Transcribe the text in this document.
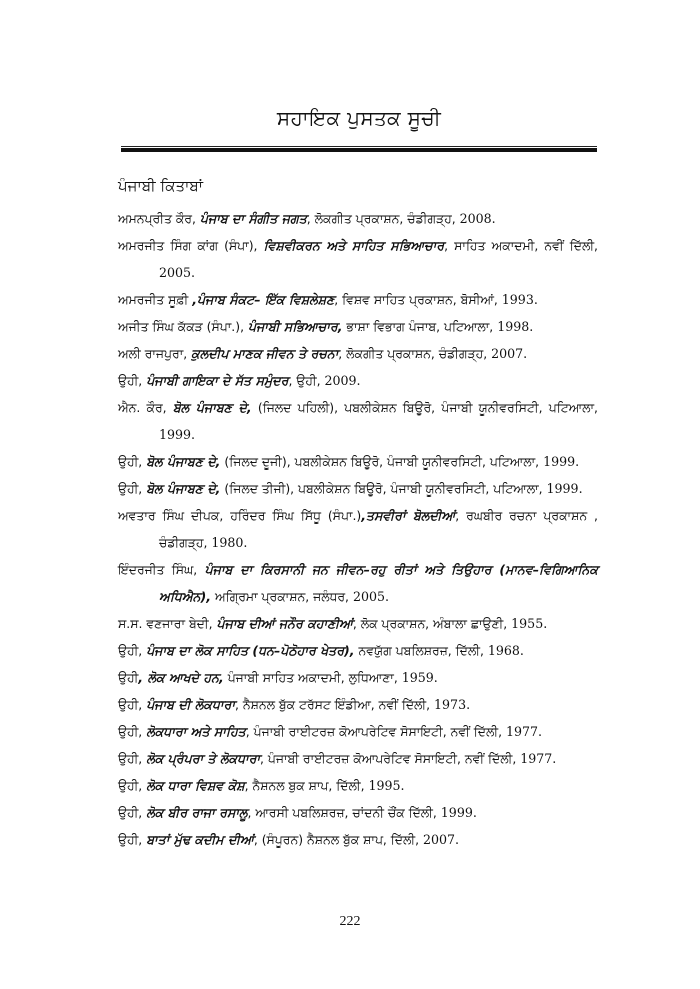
ਸਹਾਇਕ ਪੁਸਤਕ ਸੂਚੀ
ਪੰਜਾਬੀ ਕਿਤਾਬਾਂ

ਅਮਨਪ੍ਰੀਤ ਕੌਰ, ਪੰਜਾਬ ਦਾ ਸੰਗੀਤ ਜਗਤ, ਲੋਕਗੀਤ ਪ੍ਰਕਾਸ਼ਨ, ਚੰਡੀਗੜ੍ਹ, 2008.

ਅਮਰਜੀਤ ਸਿੰਗ ਕਾਂਗ (ਸੰਪਾ), ਵਿਸ਼ਵੀਕਰਨ ਅਤੇ ਸਾਹਿਤ ਸਭਿਆਚਾਰ, ਸਾਹਿਤ ਅਕਾਦਮੀ, ਨਵੀਂ ਦਿੱਲੀ, 2005.

ਅਮਰਜੀਤ ਸੂਫ਼ੀ ,ਪੰਜਾਬ ਸੰਕਟ– ਇੱਕ ਵਿਸ਼ਲੇਸ਼ਣ, ਵਿਸ਼ਵ ਸਾਹਿਤ ਪ੍ਰਕਾਸ਼ਨ, ਬੋਸੀਆਂ, 1993.

ਅਜੀਤ ਸਿੰਘ ਕੱਕੜ (ਸੰਪਾ.), ਪੰਜਾਬੀ ਸਭਿਆਚਾਰ, ਭਾਸ਼ਾ ਵਿਭਾਗ ਪੰਜਾਬ, ਪਟਿਆਲਾ, 1998.

ਅਲੀ ਰਾਜਪੁਰਾ, ਕੁਲਦੀਪ ਮਾਣਕ ਜੀਵਨ ਤੇ ਰਚਨਾ, ਲੋਕਗੀਤ ਪ੍ਰਕਾਸ਼ਨ, ਚੰਡੀਗੜ੍ਹ, 2007.

ਉਹੀ, ਪੰਜਾਬੀ ਗਾਇਕਾ ਦੇ ਸੱਤ ਸਮੁੰਦਰ, ਉਹੀ, 2009.

ਐਨ. ਕੌਰ, ਬੋਲ ਪੰਜਾਬਣ ਦੇ, (ਜਿਲਦ ਪਹਿਲੀ), ਪਬਲੀਕੇਸ਼ਨ ਬਿਊਰੋ, ਪੰਜਾਬੀ ਯੂਨੀਵਰਸਿਟੀ, ਪਟਿਆਲਾ, 1999.

ਉਹੀ, ਬੋਲ ਪੰਜਾਬਣ ਦੇ, (ਜਿਲਦ ਦੂਜੀ), ਪਬਲੀਕੇਸ਼ਨ ਬਿਊਰੋ, ਪੰਜਾਬੀ ਯੂਨੀਵਰਸਿਟੀ, ਪਟਿਆਲਾ, 1999.

ਉਹੀ, ਬੋਲ ਪੰਜਾਬਣ ਦੇ, (ਜਿਲਦ ਤੀਜੀ), ਪਬਲੀਕੇਸ਼ਨ ਬਿਊਰੋ, ਪੰਜਾਬੀ ਯੂਨੀਵਰਸਿਟੀ, ਪਟਿਆਲਾ, 1999.

ਅਵਤਾਰ ਸਿੰਘ ਦੀਪਕ, ਹਰਿੰਦਰ ਸਿੰਘ ਸਿੱਧੂ (ਸੰਪਾ.),ਤਸਵੀਰਾਂ ਬੋਲਦੀਆਂ, ਰਘਬੀਰ ਰਚਨਾ ਪ੍ਰਕਾਸ਼ਨ , ਚੰਡੀਗੜ੍ਹ, 1980.

ਇੰਦਰਜੀਤ ਸਿੰਘ, ਪੰਜਾਬ ਦਾ ਕਿਰਸਾਨੀ ਜਨ ਜੀਵਨ–ਰਹੁ ਰੀਤਾਂ ਅਤੇ ਤਿਉਹਾਰ (ਮਾਨਵ–ਵਿਗਿਆਨਿਕ ਅਧਿਐਨ), ਅਗ੍ਰਿਮਾ ਪ੍ਰਕਾਸ਼ਨ, ਜਲੰਧਰ, 2005.

ਸ.ਸ. ਵਣਜਾਰਾ ਬੇਦੀ, ਪੰਜਾਬ ਦੀਆਂ ਜਨੌਰ ਕਹਾਣੀਆਂ, ਲੋਕ ਪ੍ਰਕਾਸ਼ਨ, ਅੰਬਾਲਾ ਛਾਉਣੀ, 1955.

ਉਹੀ, ਪੰਜਾਬ ਦਾ ਲੋਕ ਸਾਹਿਤ (ਧਨ–ਪੋਠੋਹਾਰ ਖੇਤਰ), ਨਵਯੁੱਗ ਪਬਲਿਸ਼ਰਜ਼, ਦਿੱਲੀ, 1968.

ਉਹੀ, ਲੋਕ ਆਖਦੇ ਹਨ, ਪੰਜਾਬੀ ਸਾਹਿਤ ਅਕਾਦਮੀ, ਲੁਧਿਆਣਾ, 1959.

ਉਹੀ, ਪੰਜਾਬ ਦੀ ਲੋਕਧਾਰਾ, ਨੈਸ਼ਨਲ ਬੁੱਕ ਟਰੱਸਟ ਇੰਡੀਆ, ਨਵੀਂ ਦਿੱਲੀ, 1973.

ਉਹੀ, ਲੋਕਧਾਰਾ ਅਤੇ ਸਾਹਿਤ, ਪੰਜਾਬੀ ਰਾਈਟਰਜ਼ ਕੋਆਪਰੇਟਿਵ ਸੋਸਾਇਟੀ, ਨਵੀਂ ਦਿੱਲੀ, 1977.

ਉਹੀ, ਲੋਕ ਪ੍ਰੰਪਰਾ ਤੇ ਲੋਕਧਾਰਾ, ਪੰਜਾਬੀ ਰਾਈਟਰਜ਼ ਕੋਆਪਰੇਟਿਵ ਸੋਸਾਇਟੀ, ਨਵੀਂ ਦਿੱਲੀ, 1977.

ਉਹੀ, ਲੋਕ ਧਾਰਾ ਵਿਸ਼ਵ ਕੋਸ਼, ਨੈਸ਼ਨਲ ਬੁਕ ਸ਼ਾਪ, ਦਿੱਲੀ, 1995.

ਉਹੀ, ਲੋਕ ਬੀਰ ਰਾਜਾ ਰਸਾਲੂ, ਆਰਸੀ ਪਬਲਿਸ਼ਰਜ਼, ਚਾਂਦਨੀ ਚੌਂਕ ਦਿੱਲੀ, 1999.

ਉਹੀ, ਬਾਤਾਂ ਮੁੱਢ ਕਦੀਮ ਦੀਆਂ, (ਸੰਪੂਰਨ) ਨੈਸ਼ਨਲ ਬੁੱਕ ਸ਼ਾਪ, ਦਿੱਲੀ, 2007.

222
